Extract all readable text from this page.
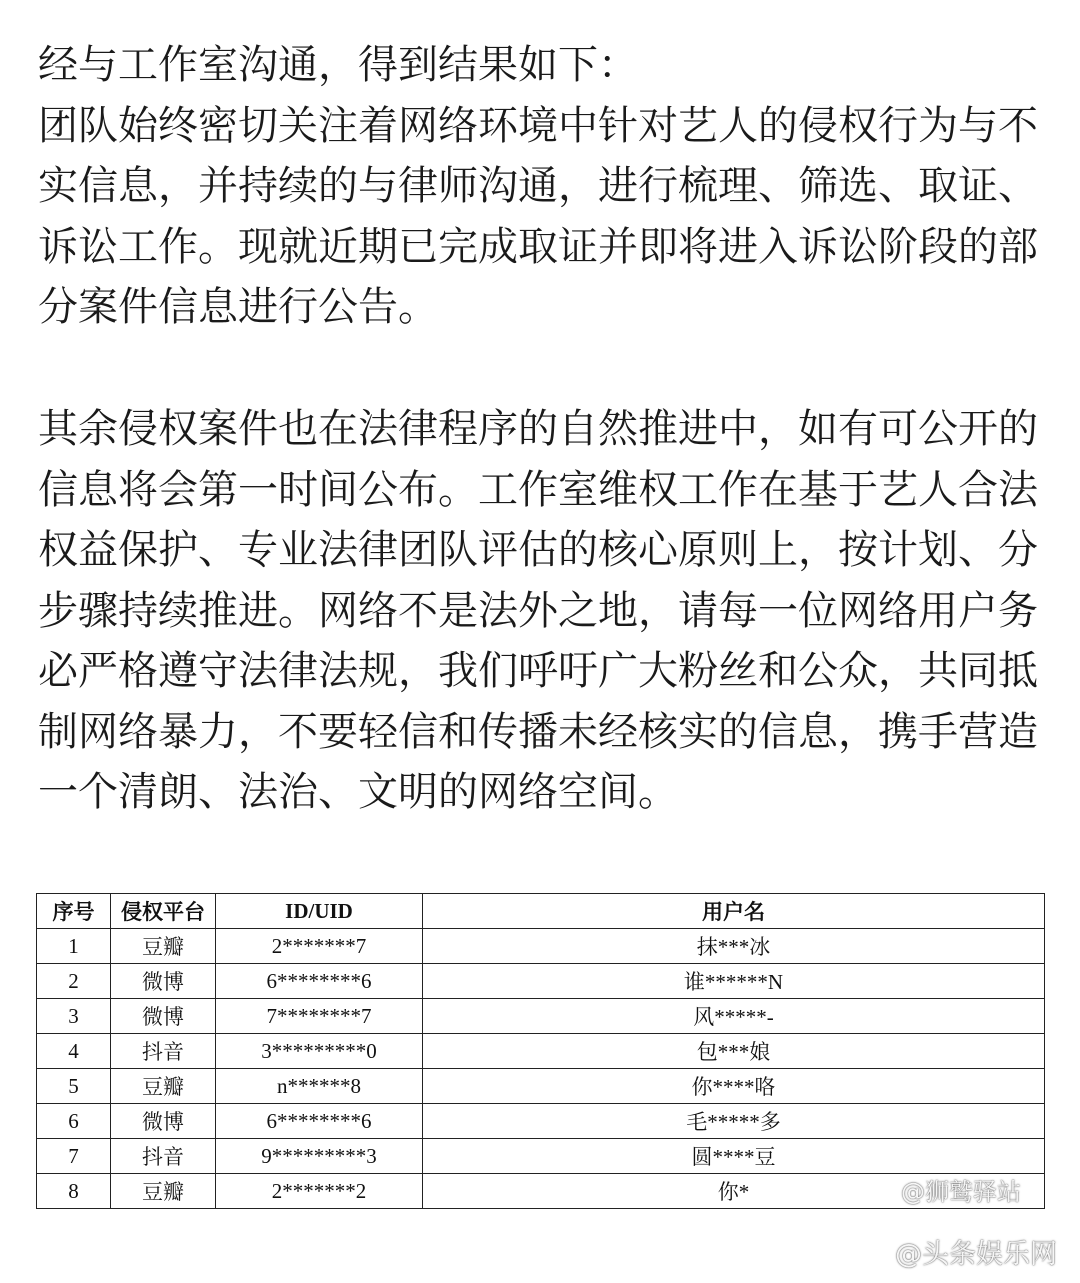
经与工作室沟通，得到结果如下：
团队始终密切关注着网络环境中针对艺人的侵权行为与不实信息，并持续的与律师沟通，进行梳理、筛选、取证、诉讼工作。现就近期已完成取证并即将进入诉讼阶段的部分案件信息进行公告。

其余侵权案件也在法律程序的自然推进中，如有可公开的信息将会第一时间公布。工作室维权工作在基于艺人合法权益保护、专业法律团队评估的核心原则上，按计划、分步骤持续推进。网络不是法外之地，请每一位网络用户务必严格遵守法律法规，我们呼吁广大粉丝和公众，共同抵制网络暴力，不要轻信和传播未经核实的信息，携手营造一个清朗、法治、文明的网络空间。

序号	侵权平台	ID/UID	用户名
1	豆瓣	2*******7	抹***冰
2	微博	6********6	谁******N
3	微博	7********7	风*****-
4	抖音	3*********0	包***娘
5	豆瓣	n******8	你****咯
6	微博	6********6	毛*****多
7	抖音	9*********3	圆****豆
8	豆瓣	2*******2	你*	@狮鹫驿站
@头条娱乐网
